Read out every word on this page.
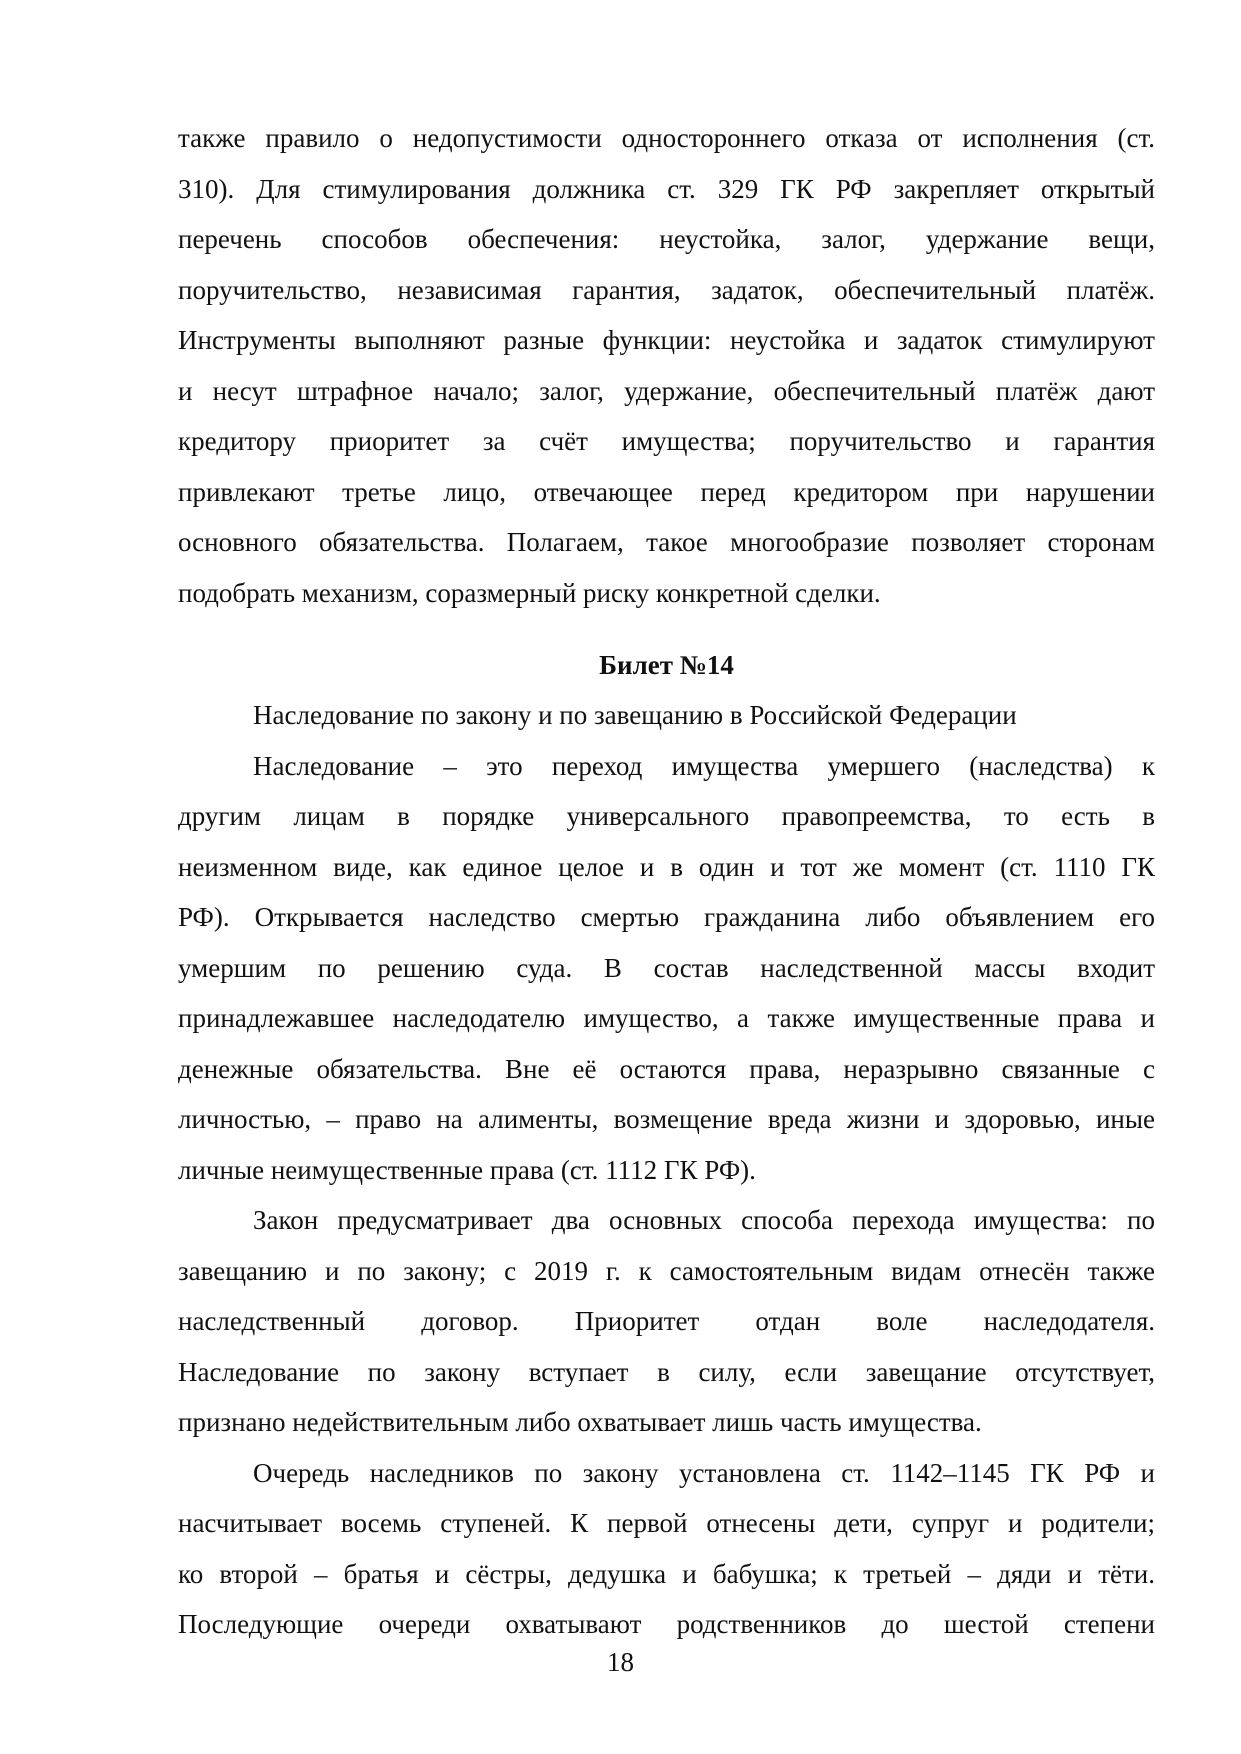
также правило о недопустимости одностороннего отказа от исполнения (ст.
310). Для стимулирования должника ст. 329 ГК РФ закрепляет открытый
перечень способов обеспечения: неустойка, залог, удержание вещи,
поручительство, независимая гарантия, задаток, обеспечительный платёж.
Инструменты выполняют разные функции: неустойка и задаток стимулируют
и несут штрафное начало; залог, удержание, обеспечительный платёж дают
кредитору приоритет за счёт имущества; поручительство и гарантия
привлекают третье лицо, отвечающее перед кредитором при нарушении
основного обязательства. Полагаем, такое многообразие позволяет сторонам
подобрать механизм, соразмерный риску конкретной сделки.
Билет №14
Наследование по закону и по завещанию в Российской Федерации
Наследование – это переход имущества умершего (наследства) к
другим лицам в порядке универсального правопреемства, то есть в
неизменном виде, как единое целое и в один и тот же момент (ст. 1110 ГК
РФ). Открывается наследство смертью гражданина либо объявлением его
умершим по решению суда. В состав наследственной массы входит
принадлежавшее наследодателю имущество, а также имущественные права и
денежные обязательства. Вне её остаются права, неразрывно связанные с
личностью, – право на алименты, возмещение вреда жизни и здоровью, иные
личные неимущественные права (ст. 1112 ГК РФ).
Закон предусматривает два основных способа перехода имущества: по
завещанию и по закону; с 2019 г. к самостоятельным видам отнесён также
наследственный договор. Приоритет отдан воле наследодателя.
Наследование по закону вступает в силу, если завещание отсутствует,
признано недействительным либо охватывает лишь часть имущества.
Очередь наследников по закону установлена ст. 1142–1145 ГК РФ и
насчитывает восемь ступеней. К первой отнесены дети, супруг и родители;
ко второй – братья и сёстры, дедушка и бабушка; к третьей – дяди и тёти.
Последующие очереди охватывают родственников до шестой степени
18
